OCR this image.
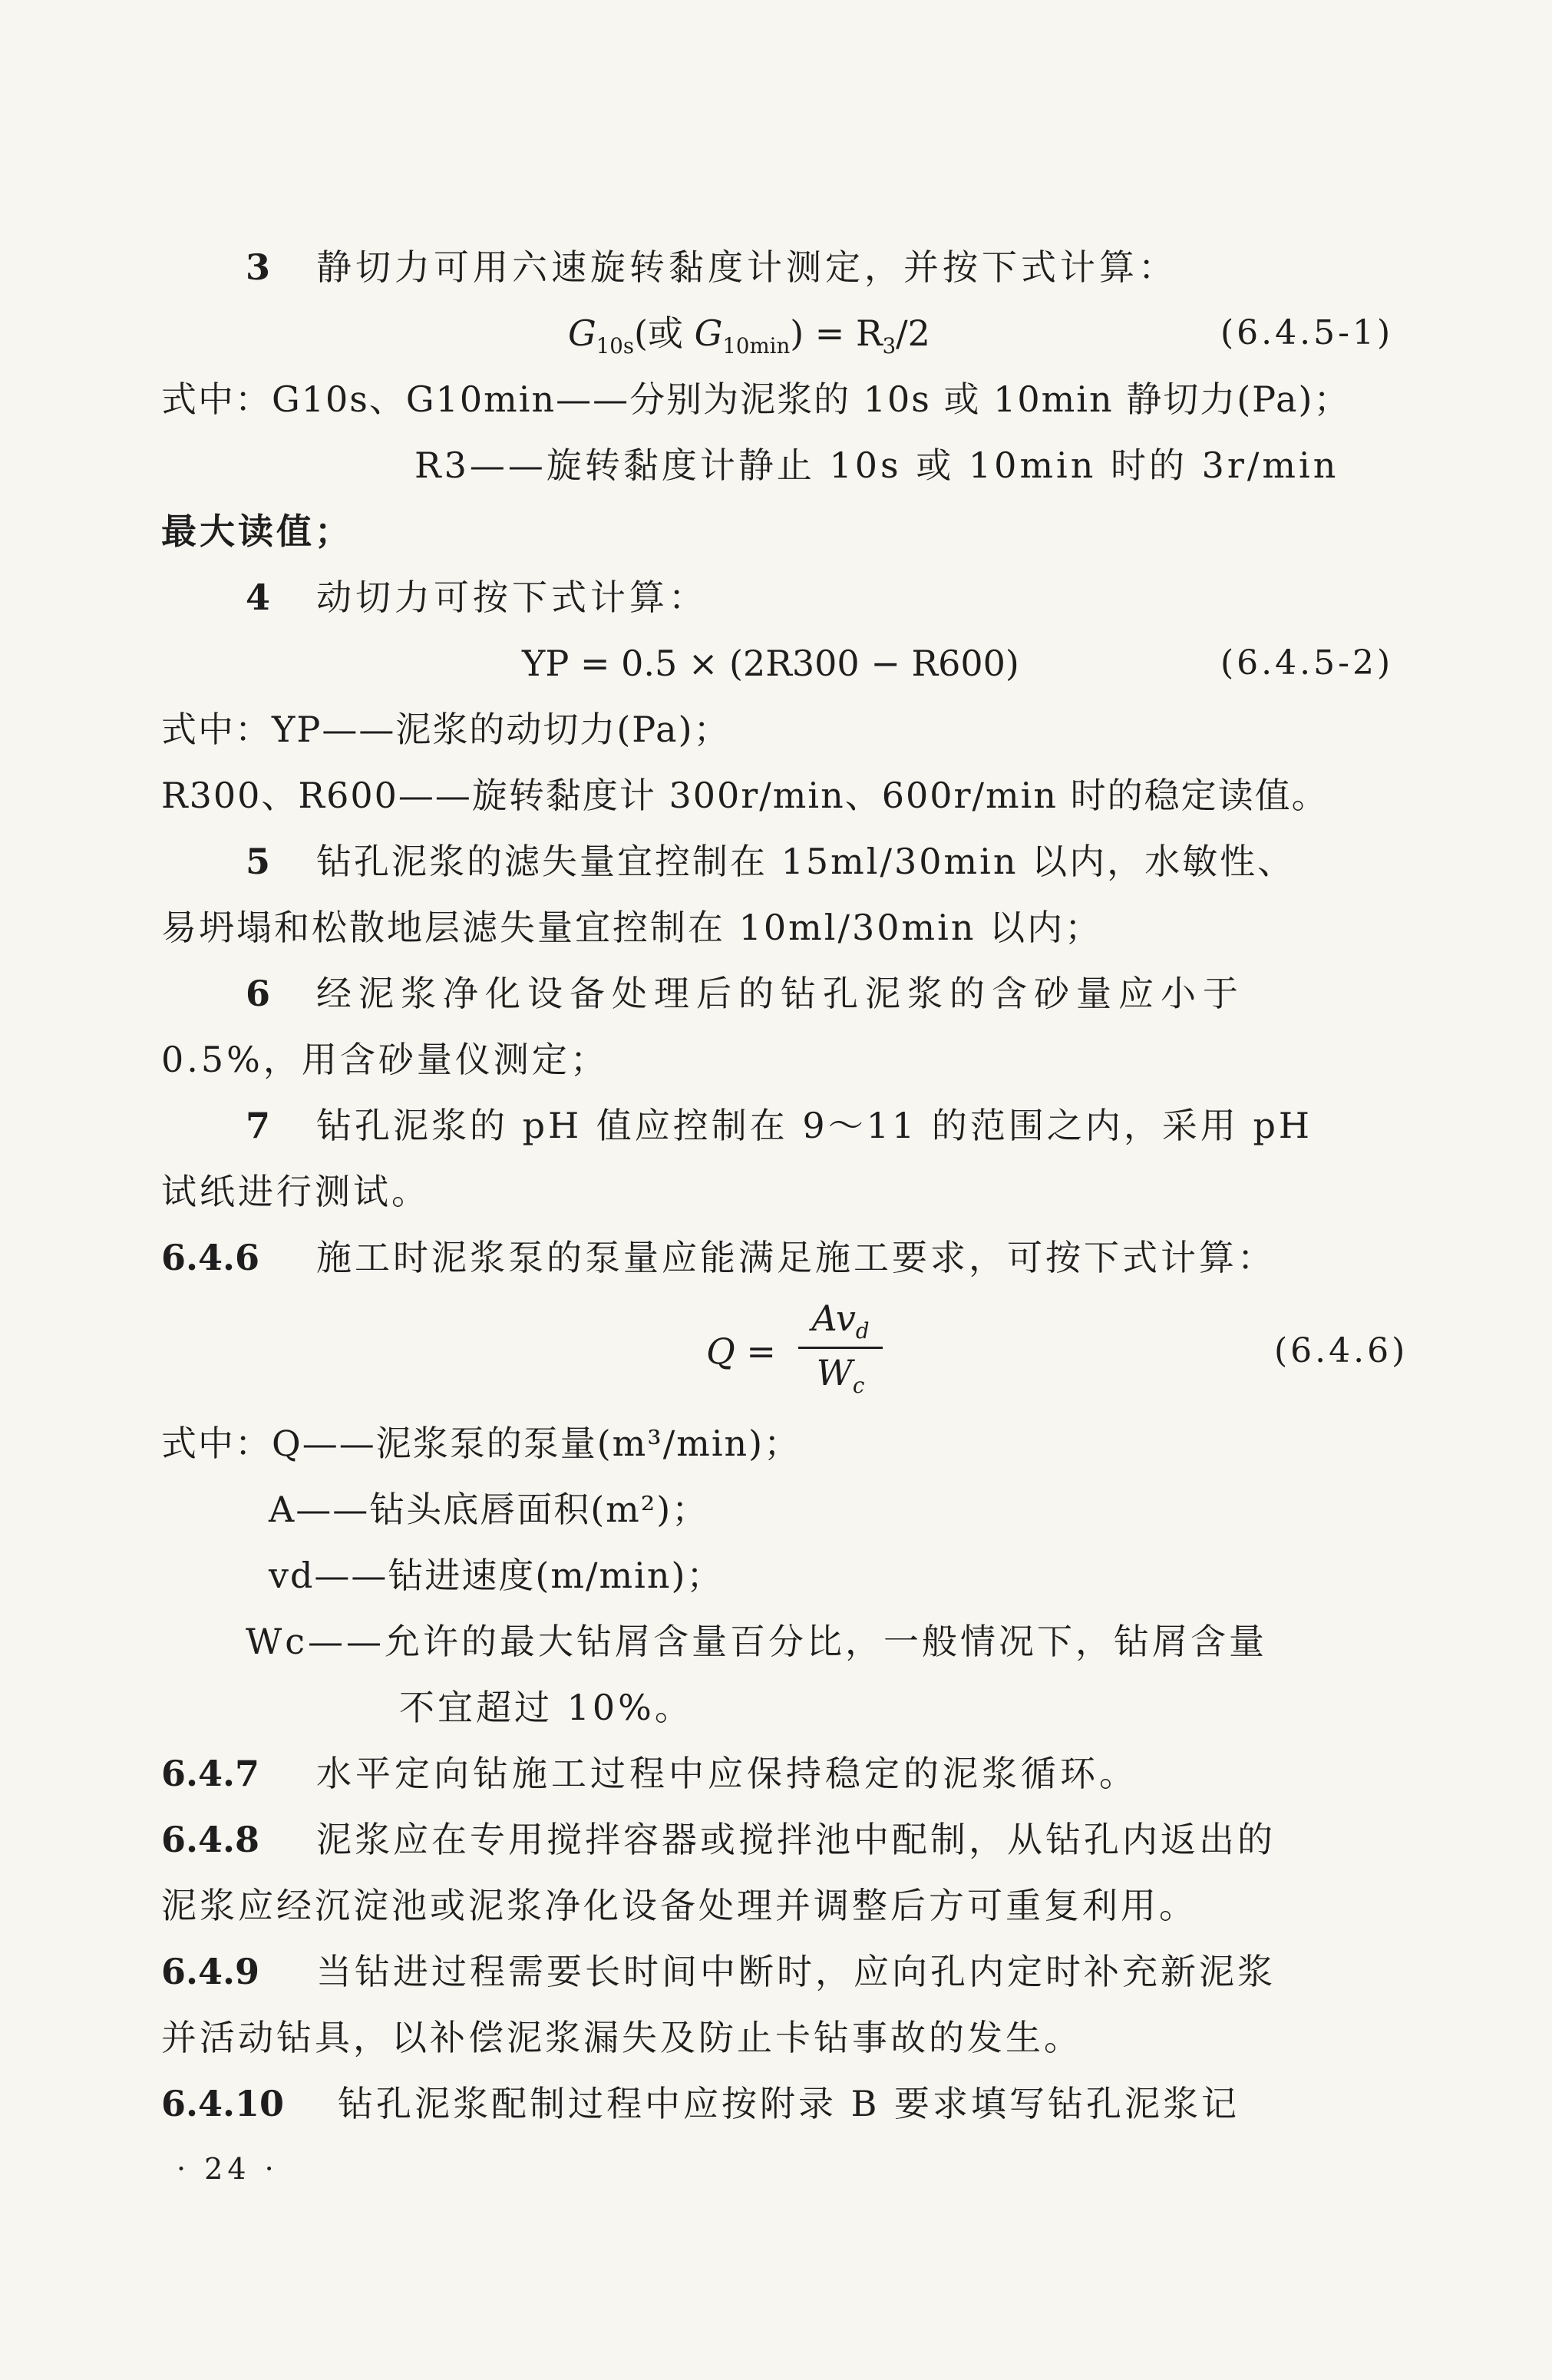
3 静切力可用六速旋转黏度计测定，并按下式计算：
$G_{10s}$(或 $G_{10min}) = R_3/2$	(6.4.5-1)
式中：G10s、G10min——分别为泥浆的 10s 或 10min 静切力(Pa)；
R3——旋转黏度计静止 10s 或 10min 时的 3r/min
最大读值；
4 动切力可按下式计算：
YP = 0.5 × (2R300 − R600)	(6.4.5-2)
式中：YP——泥浆的动切力(Pa)；
R300、R600——旋转黏度计 300r/min、600r/min 时的稳定读值。
5 钻孔泥浆的滤失量宜控制在 15ml/30min 以内，水敏性、
易坍塌和松散地层滤失量宜控制在 10ml/30min 以内；
6 经泥浆净化设备处理后的钻孔泥浆的含砂量应小于
0.5%，用含砂量仪测定；
7 钻孔泥浆的 pH 值应控制在 9～11 的范围之内，采用 pH
试纸进行测试。
6.4.6 施工时泥浆泵的泵量应能满足施工要求，可按下式计算：
Q =
$Av_d$
$W_c$
(6.4.6)
式中：Q——泥浆泵的泵量(m³/min)；
A——钻头底唇面积(m²)；
vd——钻进速度(m/min)；
Wc——允许的最大钻屑含量百分比，一般情况下，钻屑含量
不宜超过 10%。
6.4.7 水平定向钻施工过程中应保持稳定的泥浆循环。
6.4.8 泥浆应在专用搅拌容器或搅拌池中配制，从钻孔内返出的
泥浆应经沉淀池或泥浆净化设备处理并调整后方可重复利用。
6.4.9 当钻进过程需要长时间中断时，应向孔内定时补充新泥浆
并活动钻具，以补偿泥浆漏失及防止卡钻事故的发生。
6.4.10 钻孔泥浆配制过程中应按附录 B 要求填写钻孔泥浆记
· 24 ·
